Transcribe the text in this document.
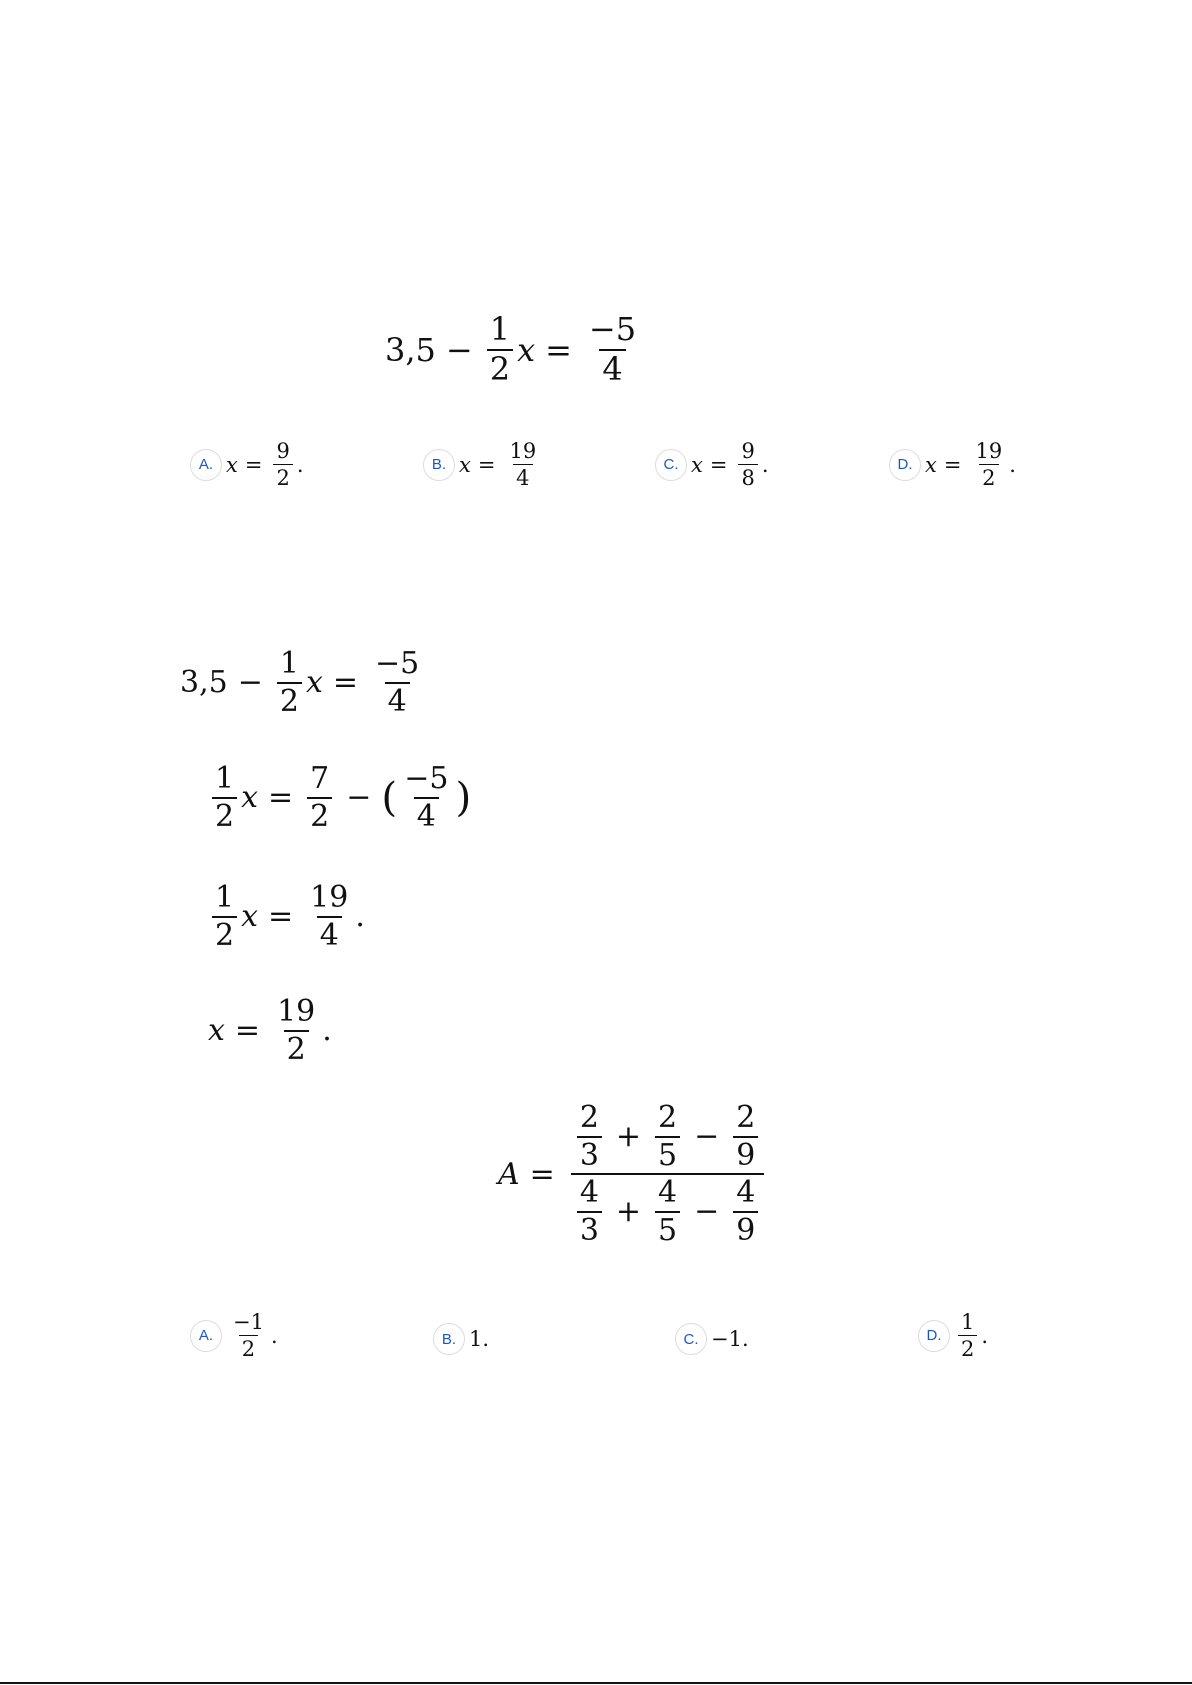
$3,5 - \frac{1}{2}$ $x = \frac{-5}{4}$
A. $x = \frac{9}{2}$ .	B. $x = \frac{19}{4}$	C. $x = \frac{9}{8}$ .	D. $x = \frac{19}{2}$ .
$3,5 - \frac{1}{2}$ $x = \frac{-5}{4}$
$\frac{1}{2}$ $x = \frac{7}{2}$ − ( $\frac{-5}{4}$ )
$\frac{1}{2}$ $x = \frac{19}{4}$ .
$x = \frac{19}{2}$ .
A =
$\frac{2}{3} + \frac{2}{5} - \frac{2}{9}$
$\frac{4}{3} + \frac{4}{5} - \frac{4}{9}$
A. $\frac{-1}{2}$ .	B. 1.	C. −1.	D. $\frac{1}{2}$ .
